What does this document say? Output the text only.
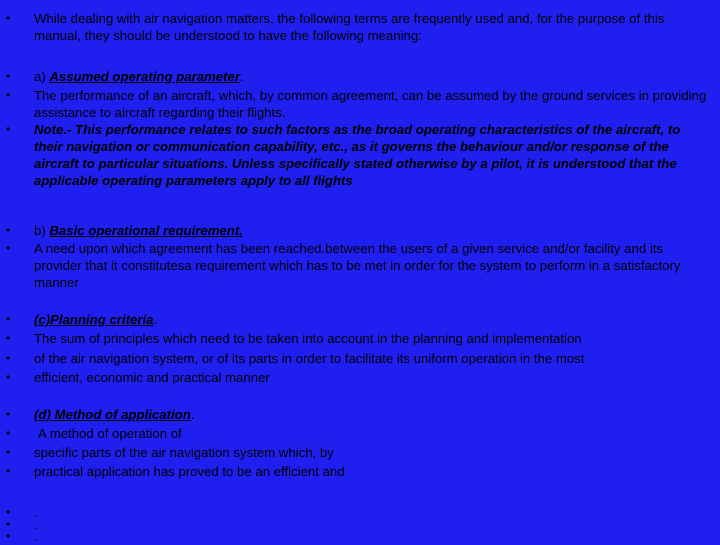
• While dealing with air navigation matters, the following terms are frequently used and, for the purpose of this manual, they should be understood to have the following meaning:
• a) Assumed operating parameter.
• The performance of an aircraft, which, by common agreement, can be assumed by the ground services in providing assistance to aircraft regarding their flights.
• Note.- This performance relates to such factors as the broad operating characteristics of the aircraft, to their navigation or communication capability, etc., as it governs the behaviour and/or response of the aircraft to particular situations. Unless specifically stated otherwise by a pilot, it is understood that the applicable operating parameters apply to all flights
• b) Basic operational requirement.
• A need upon which agreement has been reached.between the users of a given service and/or facility and its provider that it constitutesa requirement which has to be met in order for the system to perform in a satisfactory manner
• (c)Planning criteria.
• The sum of principles which need to be taken into account in the planning and implementation
• of the air navigation system, or of its parts in order to facilitate its uniform operation in the most
• efficient, economic and practical manner
• (d) Method of application.
• A method of operation of
• specific parts of the air navigation system which, by
• practical application has proved to be an efficient and
• .
• .
• .
